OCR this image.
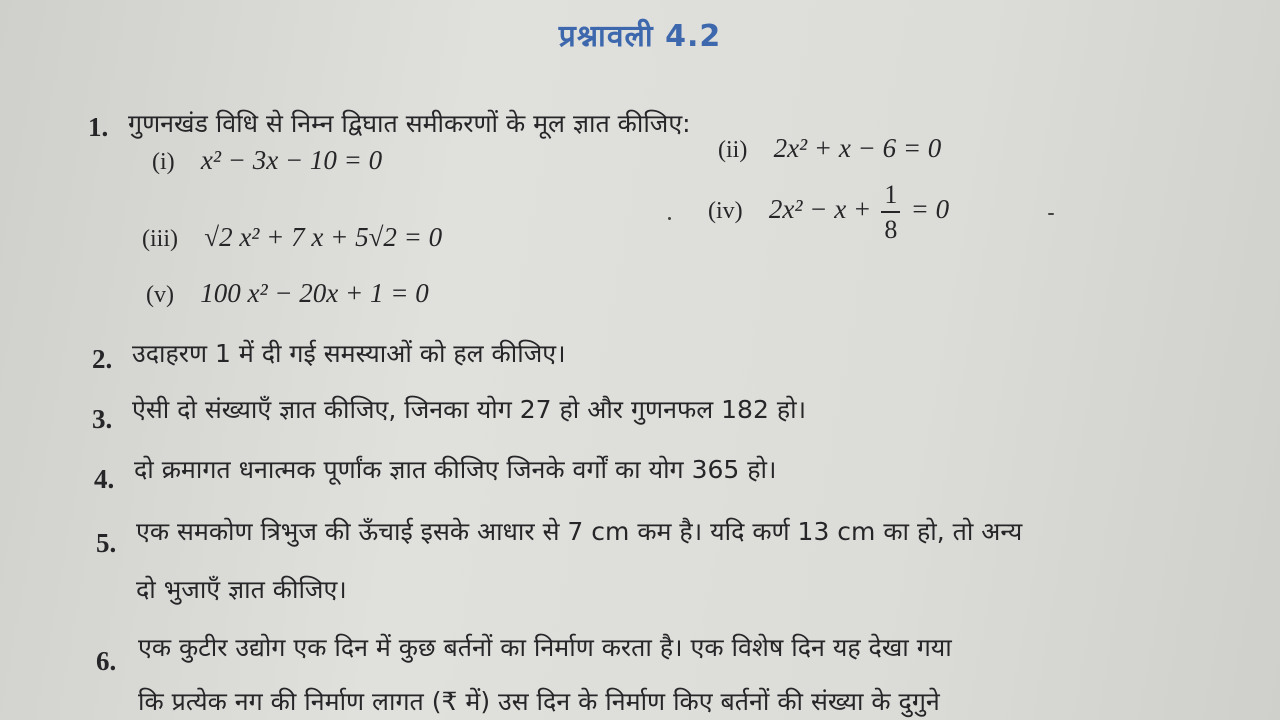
प्रश्नावली 4.2
1. गुणनखंड विधि से निम्न द्विघात समीकरणों के मूल ज्ञात कीजिए:
(i) x² − 3x − 10 = 0	(ii) 2x² + x − 6 = 0
(iii) √2 x² + 7 x + 5√2 = 0
(iv) $2x^2 - x + \frac{1}{8} = 0$
(v) 100 x² − 20x + 1 = 0
2. उदाहरण 1 में दी गई समस्याओं को हल कीजिए।
3. ऐसी दो संख्याएँ ज्ञात कीजिए, जिनका योग 27 हो और गुणनफल 182 हो।
4. दो क्रमागत धनात्मक पूर्णांक ज्ञात कीजिए जिनके वर्गों का योग 365 हो।
5. एक समकोण त्रिभुज की ऊँचाई इसके आधार से 7 cm कम है। यदि कर्ण 13 cm का हो, तो अन्य
दो भुजाएँ ज्ञात कीजिए।
6. एक कुटीर उद्योग एक दिन में कुछ बर्तनों का निर्माण करता है। एक विशेष दिन यह देखा गया
कि प्रत्येक नग की निर्माण लागत (₹ में) उस दिन के निर्माण किए बर्तनों की संख्या के दुगुने
